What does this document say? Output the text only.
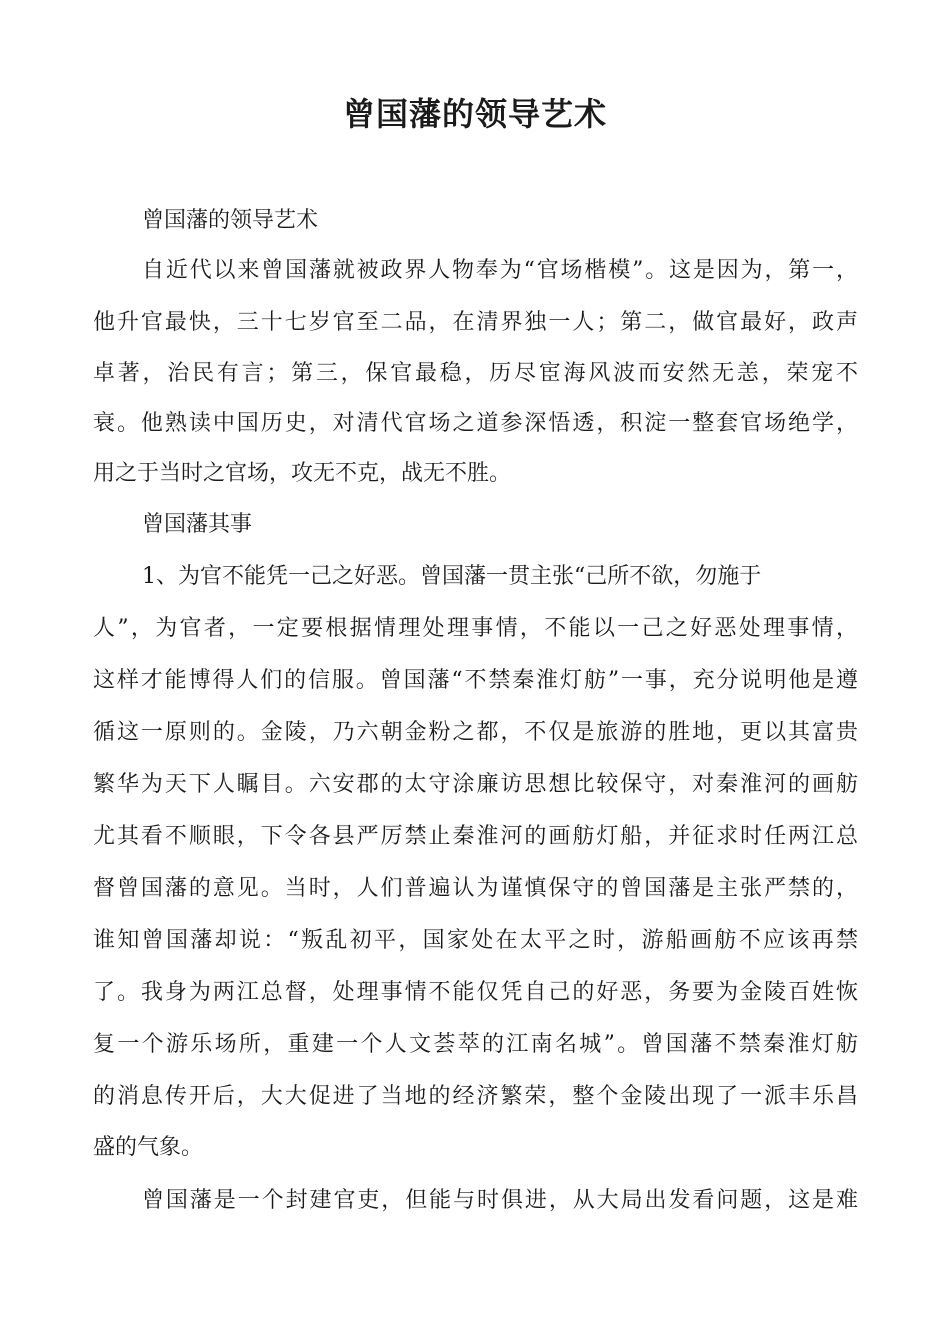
曾国藩的领导艺术
曾国藩的领导艺术
自近代以来曾国藩就被政界人物奉为“官场楷模”。这是因为，第一，
他升官最快，三十七岁官至二品，在清界独一人；第二，做官最好，政声
卓著，治民有言；第三，保官最稳，历尽宦海风波而安然无恙，荣宠不
衰。他熟读中国历史，对清代官场之道参深悟透，积淀一整套官场绝学，
用之于当时之官场，攻无不克，战无不胜。
曾国藩其事
1、为官不能凭一己之好恶。曾国藩一贯主张“己所不欲，勿施于
人”，为官者，一定要根据情理处理事情，不能以一己之好恶处理事情，
这样才能博得人们的信服。曾国藩“不禁秦淮灯舫”一事，充分说明他是遵
循这一原则的。金陵，乃六朝金粉之都，不仅是旅游的胜地，更以其富贵
繁华为天下人瞩目。六安郡的太守涂廉访思想比较保守，对秦淮河的画舫
尤其看不顺眼，下令各县严厉禁止秦淮河的画舫灯船，并征求时任两江总
督曾国藩的意见。当时，人们普遍认为谨慎保守的曾国藩是主张严禁的，
谁知曾国藩却说：“叛乱初平，国家处在太平之时，游船画舫不应该再禁
了。我身为两江总督，处理事情不能仅凭自己的好恶，务要为金陵百姓恢
复一个游乐场所，重建一个人文荟萃的江南名城”。曾国藩不禁秦淮灯舫
的消息传开后，大大促进了当地的经济繁荣，整个金陵出现了一派丰乐昌
盛的气象。
曾国藩是一个封建官吏，但能与时俱进，从大局出发看问题，这是难
